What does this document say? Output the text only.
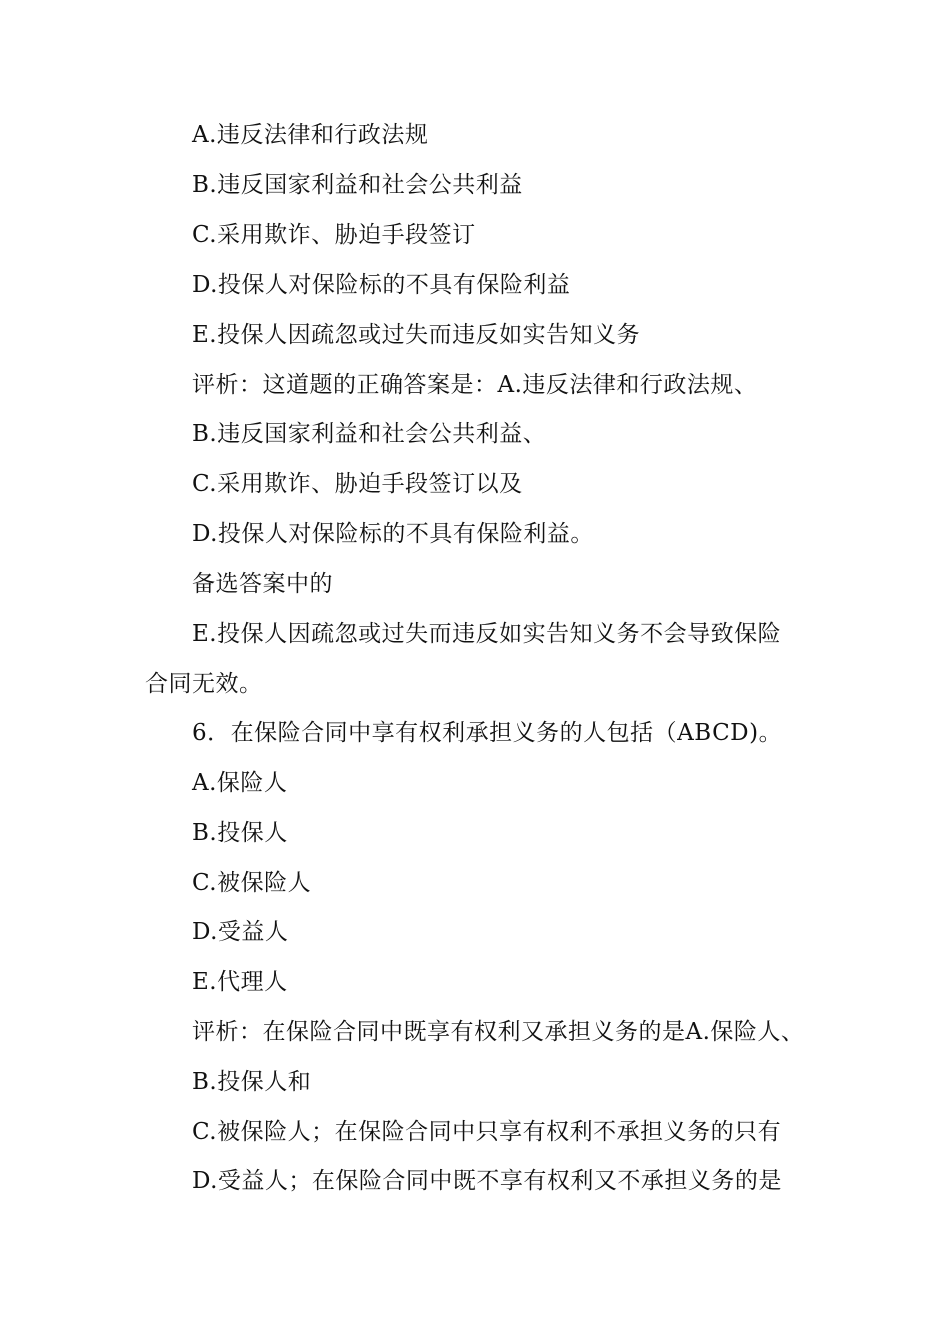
A.违反法律和行政法规
B.违反国家利益和社会公共利益
C.采用欺诈、胁迫手段签订
D.投保人对保险标的不具有保险利益
E.投保人因疏忽或过失而违反如实告知义务
评析：这道题的正确答案是：A.违反法律和行政法规、
B.违反国家利益和社会公共利益、
C.采用欺诈、胁迫手段签订以及
D.投保人对保险标的不具有保险利益。
备选答案中的
E.投保人因疏忽或过失而违反如实告知义务不会导致保险
合同无效。
6．在保险合同中享有权利承担义务的人包括（ABCD)。
A.保险人
B.投保人
C.被保险人
D.受益人
E.代理人
评析：在保险合同中既享有权利又承担义务的是A.保险人、
B.投保人和
C.被保险人；在保险合同中只享有权利不承担义务的只有
D.受益人；在保险合同中既不享有权利又不承担义务的是
